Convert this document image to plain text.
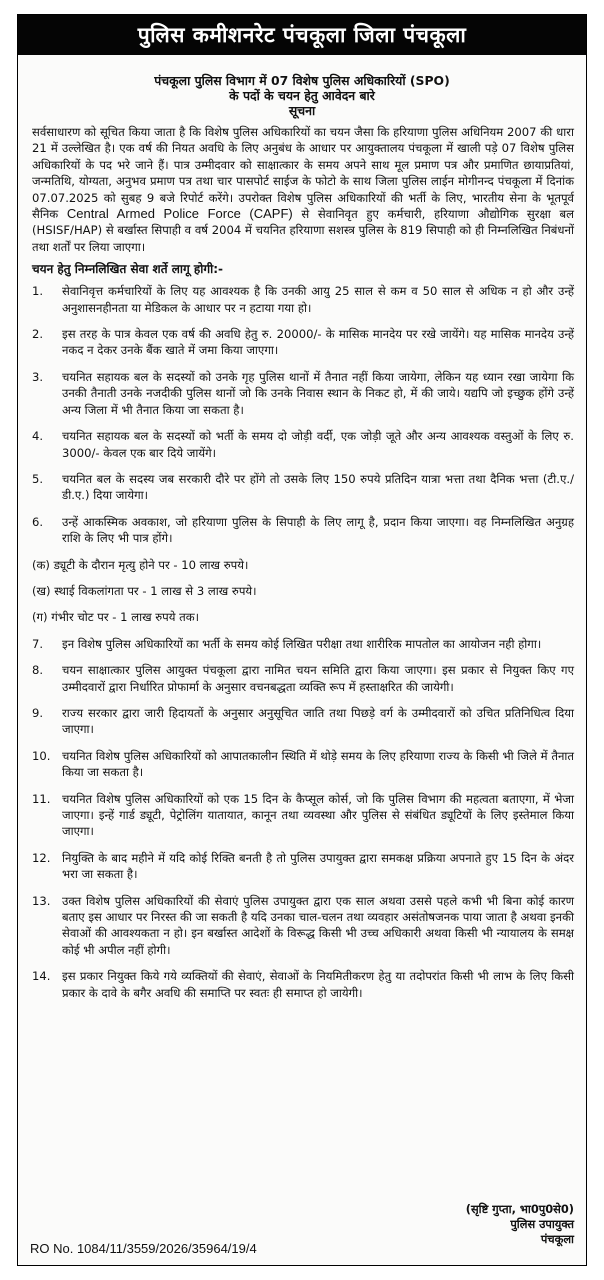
पुलिस कमीशनरेट पंचकूला जिला पंचकूला
पंचकूला पुलिस विभाग में 07 विशेष पुलिस अधिकारियों (SPO)
के पदों के चयन हेतु आवेदन बारे
सूचना
सर्वसाधारण को सूचित किया जाता है कि विशेष पुलिस अधिकारियों का चयन जैसा कि हरियाणा पुलिस अधिनियम 2007 की धारा 21 में उल्लेखित है। एक वर्ष की नियत अवधि के लिए अनुबंध के आधार पर आयुक्तालय पंचकूला में खाली पड़े 07 विशेष पुलिस अधिकारियों के पद भरे जाने हैं। पात्र उम्मीदवार को साक्षात्कार के समय अपने साथ मूल प्रमाण पत्र और प्रमाणित छायाप्रतियां, जन्मतिथि, योग्यता, अनुभव प्रमाण पत्र तथा चार पासपोर्ट साईज के फोटो के साथ जिला पुलिस लाईन मोगीनन्द पंचकूला में दिनांक 07.07.2025 को सुबह 9 बजे रिपोर्ट करेंगे। उपरोक्त विशेष पुलिस अधिकारियों की भर्ती के लिए, भारतीय सेना के भूतपूर्व सैनिक Central Armed Police Force (CAPF) से सेवानिवृत हुए कर्मचारी, हरियाणा औद्योगिक सुरक्षा बल (HSISF/HAP) से बर्खास्त सिपाही व वर्ष 2004 में चयनित हरियाणा सशस्त्र पुलिस के 819 सिपाही को ही निम्नलिखित निबंधनों तथा शर्तों पर लिया जाएगा।
चयन हेतु निम्नलिखित सेवा शर्ते लागू होगी:-
1.	सेवानिवृत्त कर्मचारियों के लिए यह आवश्यक है कि उनकी आयु 25 साल से कम व 50 साल से अधिक न हो और उन्हें अनुशासनहीनता या मेडिकल के आधार पर न हटाया गया हो।
2.	इस तरह के पात्र केवल एक वर्ष की अवधि हेतु रु. 20000/- के मासिक मानदेय पर रखे जायेंगे। यह मासिक मानदेय उन्हें नकद न देकर उनके बैंक खाते में जमा किया जाएगा।
3.	चयनित सहायक बल के सदस्यों को उनके गृह पुलिस थानों में तैनात नहीं किया जायेगा, लेकिन यह ध्यान रखा जायेगा कि उनकी तैनाती उनके नजदीकी पुलिस थानों जो कि उनके निवास स्थान के निकट हो, में की जाये। यद्यपि जो इच्छुक होंगे उन्हें अन्य जिला में भी तैनात किया जा सकता है।
4.	चयनित सहायक बल के सदस्यों को भर्ती के समय दो जोड़ी वर्दी, एक जोड़ी जूते और अन्य आवश्यक वस्तुओं के लिए रु. 3000/- केवल एक बार दिये जायेंगे।
5.	चयनित बल के सदस्य जब सरकारी दौरे पर होंगे तो उसके लिए 150 रुपये प्रतिदिन यात्रा भत्ता तथा दैनिक भत्ता (टी.ए./डी.ए.) दिया जायेगा।
6.	उन्हें आकस्मिक अवकाश, जो हरियाणा पुलिस के सिपाही के लिए लागू है, प्रदान किया जाएगा। वह निम्नलिखित अनुग्रह राशि के लिए भी पात्र होंगे।
(क) ड्यूटी के दौरान मृत्यु होने पर - 10 लाख रुपये।
(ख) स्थाई विकलांगता पर - 1 लाख से 3 लाख रुपये।
(ग) गंभीर चोट पर - 1 लाख रुपये तक।
7.	इन विशेष पुलिस अधिकारियों का भर्ती के समय कोई लिखित परीक्षा तथा शारीरिक मापतोल का आयोजन नही होगा।
8.	चयन साक्षात्कार पुलिस आयुक्त पंचकूला द्वारा नामित चयन समिति द्वारा किया जाएगा। इस प्रकार से नियुक्त किए गए उम्मीदवारों द्वारा निर्धारित प्रोफार्मा के अनुसार वचनबद्धता व्यक्ति रूप में हस्ताक्षरित की जायेगी।
9.	राज्य सरकार द्वारा जारी हिदायतों के अनुसार अनुसूचित जाति तथा पिछड़े वर्ग के उम्मीदवारों को उचित प्रतिनिधित्व दिया जाएगा।
10. चयनित विशेष पुलिस अधिकारियों को आपातकालीन स्थिति में थोड़े समय के लिए हरियाणा राज्य के किसी भी जिले में तैनात किया जा सकता है।
11. चयनित विशेष पुलिस अधिकारियों को एक 15 दिन के कैप्सूल कोर्स, जो कि पुलिस विभाग की महत्वता बताएगा, में भेजा जाएगा। इन्हें गार्ड ड्यूटी, पेट्रोलिंग यातायात, कानून तथा व्यवस्था और पुलिस से संबंधित ड्यूटियों के लिए इस्तेमाल किया जाएगा।
12. नियुक्ति के बाद महीने में यदि कोई रिक्ति बनती है तो पुलिस उपायुक्त द्वारा समकक्ष प्रक्रिया अपनाते हुए 15 दिन के अंदर भरा जा सकता है।
13. उक्त विशेष पुलिस अधिकारियों की सेवाएं पुलिस उपायुक्त द्वारा एक साल अथवा उससे पहले कभी भी बिना कोई कारण बताए इस आधार पर निरस्त की जा सकती है यदि उनका चाल-चलन तथा व्यवहार असंतोषजनक पाया जाता है अथवा इनकी सेवाओं की आवश्यकता न हो। इन बर्खास्त आदेशों के विरूद्ध किसी भी उच्च अधिकारी अथवा किसी भी न्यायालय के समक्ष कोई भी अपील नहीं होगी।
14. इस प्रकार नियुक्त किये गये व्यक्तियों की सेवाएं, सेवाओं के नियमितीकरण हेतु या तदोपरांत किसी भी लाभ के लिए किसी प्रकार के दावे के बगैर अवधि की समाप्ति पर स्वतः ही समाप्त हो जायेगी।
(सृष्टि गुप्ता, भा0पु0से0)
पुलिस उपायुक्त
पंचकूला
RO No. 1084/11/3559/2026/35964/19/4
